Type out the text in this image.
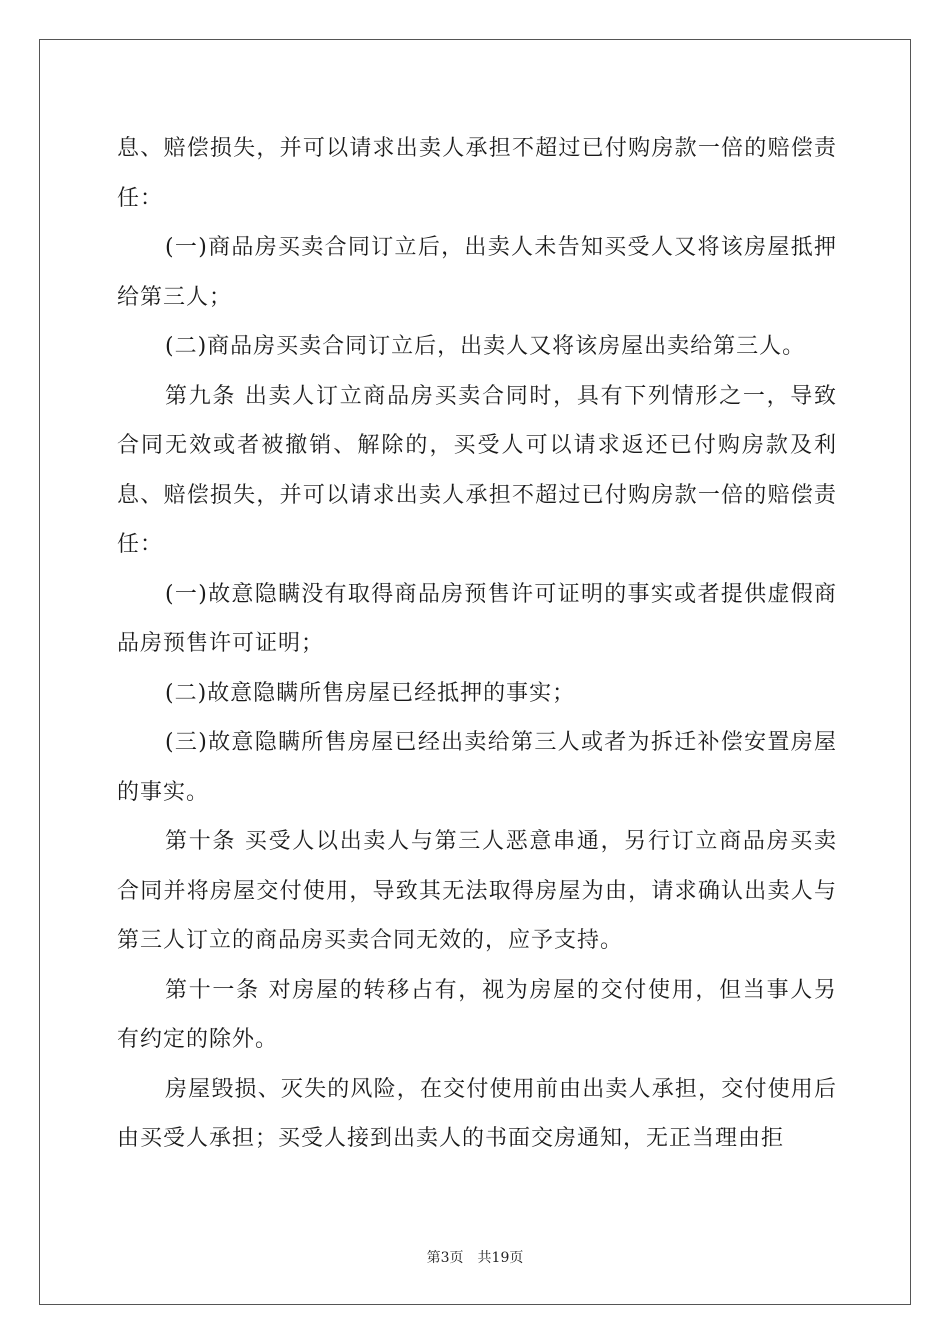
息、赔偿损失，并可以请求出卖人承担不超过已付购房款一倍的赔偿责任：

(一)商品房买卖合同订立后，出卖人未告知买受人又将该房屋抵押给第三人；

(二)商品房买卖合同订立后，出卖人又将该房屋出卖给第三人。

第九条 出卖人订立商品房买卖合同时，具有下列情形之一，导致合同无效或者被撤销、解除的，买受人可以请求返还已付购房款及利息、赔偿损失，并可以请求出卖人承担不超过已付购房款一倍的赔偿责任：

(一)故意隐瞒没有取得商品房预售许可证明的事实或者提供虚假商品房预售许可证明；

(二)故意隐瞒所售房屋已经抵押的事实；

(三)故意隐瞒所售房屋已经出卖给第三人或者为拆迁补偿安置房屋的事实。

第十条 买受人以出卖人与第三人恶意串通，另行订立商品房买卖合同并将房屋交付使用，导致其无法取得房屋为由，请求确认出卖人与第三人订立的商品房买卖合同无效的，应予支持。

第十一条 对房屋的转移占有，视为房屋的交付使用，但当事人另有约定的除外。

房屋毁损、灭失的风险，在交付使用前由出卖人承担，交付使用后由买受人承担；买受人接到出卖人的书面交房通知，无正当理由拒

第3页 共19页
